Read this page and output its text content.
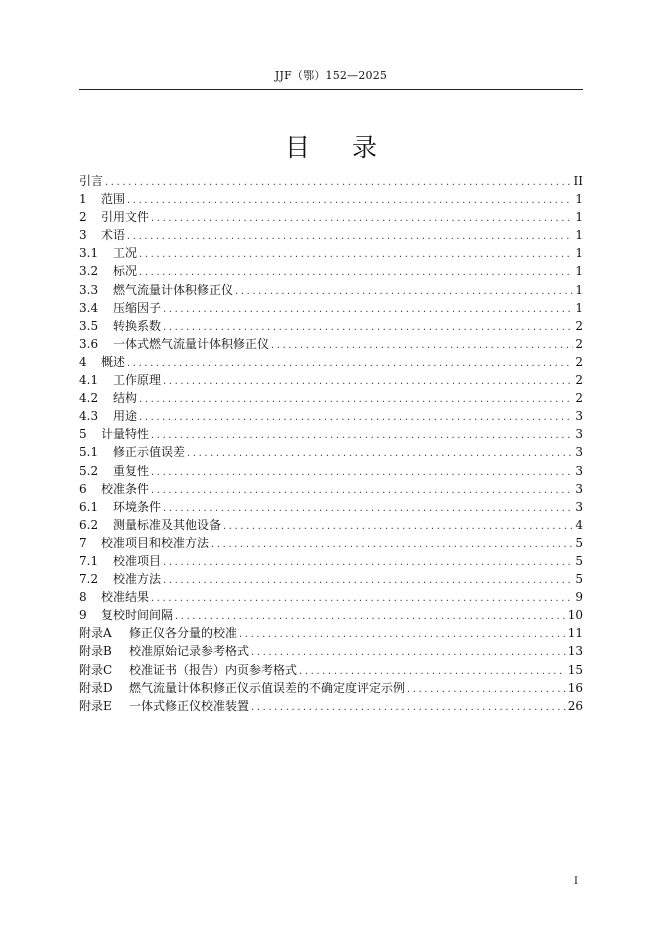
JJF（鄂）152—2025
目录
引言 .....	II
1	范围 .....	1
2	引用文件 .....	1
3	术语 .....	1
3.1	工况 .....	1
3.2	标况 .....	1
3.3	燃气流量计体积修正仪 .....	1
3.4	压缩因子 .....	1
3.5	转换系数 .....	2
3.6	一体式燃气流量计体积修正仪 .....	2
4	概述 .....	2
4.1	工作原理 .....	2
4.2	结构 .....	2
4.3	用途 .....	3
5	计量特性 .....	3
5.1	修正示值误差 .....	3
5.2	重复性 .....	3
6	校准条件 .....	3
6.1	环境条件 .....	3
6.2	测量标准及其他设备 .....	4
7	校准项目和校准方法 .....	5
7.1	校准项目 .....	5
7.2	校准方法 .....	5
8	校准结果 .....	9
9	复校时间间隔 .....	10
附录A	修正仪各分量的校准 .....	11
附录B	校准原始记录参考格式 .....	13
附录C	校准证书（报告）内页参考格式 .....	15
附录D	燃气流量计体积修正仪示值误差的不确定度评定示例 .....	16
附录E	一体式修正仪校准装置 .....	26
I
